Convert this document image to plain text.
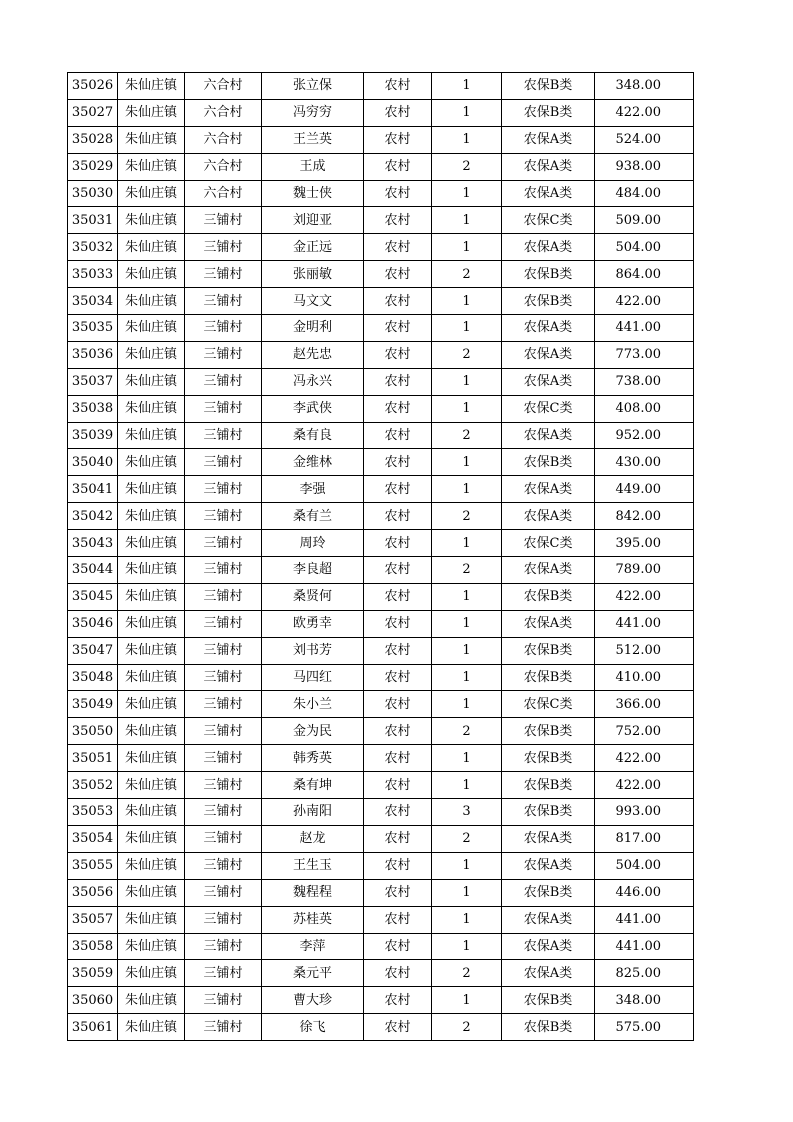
35026	朱仙庄镇	六合村	张立保	农村	1	农保B类	348.00
35027	朱仙庄镇	六合村	冯穷穷	农村	1	农保B类	422.00
35028	朱仙庄镇	六合村	王兰英	农村	1	农保A类	524.00
35029	朱仙庄镇	六合村	王成	农村	2	农保A类	938.00
35030	朱仙庄镇	六合村	魏士侠	农村	1	农保A类	484.00
35031	朱仙庄镇	三铺村	刘迎亚	农村	1	农保C类	509.00
35032	朱仙庄镇	三铺村	金正远	农村	1	农保A类	504.00
35033	朱仙庄镇	三铺村	张丽敏	农村	2	农保B类	864.00
35034	朱仙庄镇	三铺村	马文文	农村	1	农保B类	422.00
35035	朱仙庄镇	三铺村	金明利	农村	1	农保A类	441.00
35036	朱仙庄镇	三铺村	赵先忠	农村	2	农保A类	773.00
35037	朱仙庄镇	三铺村	冯永兴	农村	1	农保A类	738.00
35038	朱仙庄镇	三铺村	李武侠	农村	1	农保C类	408.00
35039	朱仙庄镇	三铺村	桑有良	农村	2	农保A类	952.00
35040	朱仙庄镇	三铺村	金维林	农村	1	农保B类	430.00
35041	朱仙庄镇	三铺村	李强	农村	1	农保A类	449.00
35042	朱仙庄镇	三铺村	桑有兰	农村	2	农保A类	842.00
35043	朱仙庄镇	三铺村	周玲	农村	1	农保C类	395.00
35044	朱仙庄镇	三铺村	李良超	农村	2	农保A类	789.00
35045	朱仙庄镇	三铺村	桑贤何	农村	1	农保B类	422.00
35046	朱仙庄镇	三铺村	欧勇幸	农村	1	农保A类	441.00
35047	朱仙庄镇	三铺村	刘书芳	农村	1	农保B类	512.00
35048	朱仙庄镇	三铺村	马四红	农村	1	农保B类	410.00
35049	朱仙庄镇	三铺村	朱小兰	农村	1	农保C类	366.00
35050	朱仙庄镇	三铺村	金为民	农村	2	农保B类	752.00
35051	朱仙庄镇	三铺村	韩秀英	农村	1	农保B类	422.00
35052	朱仙庄镇	三铺村	桑有坤	农村	1	农保B类	422.00
35053	朱仙庄镇	三铺村	孙南阳	农村	3	农保B类	993.00
35054	朱仙庄镇	三铺村	赵龙	农村	2	农保A类	817.00
35055	朱仙庄镇	三铺村	王生玉	农村	1	农保A类	504.00
35056	朱仙庄镇	三铺村	魏程程	农村	1	农保B类	446.00
35057	朱仙庄镇	三铺村	苏桂英	农村	1	农保A类	441.00
35058	朱仙庄镇	三铺村	李萍	农村	1	农保A类	441.00
35059	朱仙庄镇	三铺村	桑元平	农村	2	农保A类	825.00
35060	朱仙庄镇	三铺村	曹大珍	农村	1	农保B类	348.00
35061	朱仙庄镇	三铺村	徐飞	农村	2	农保B类	575.00
